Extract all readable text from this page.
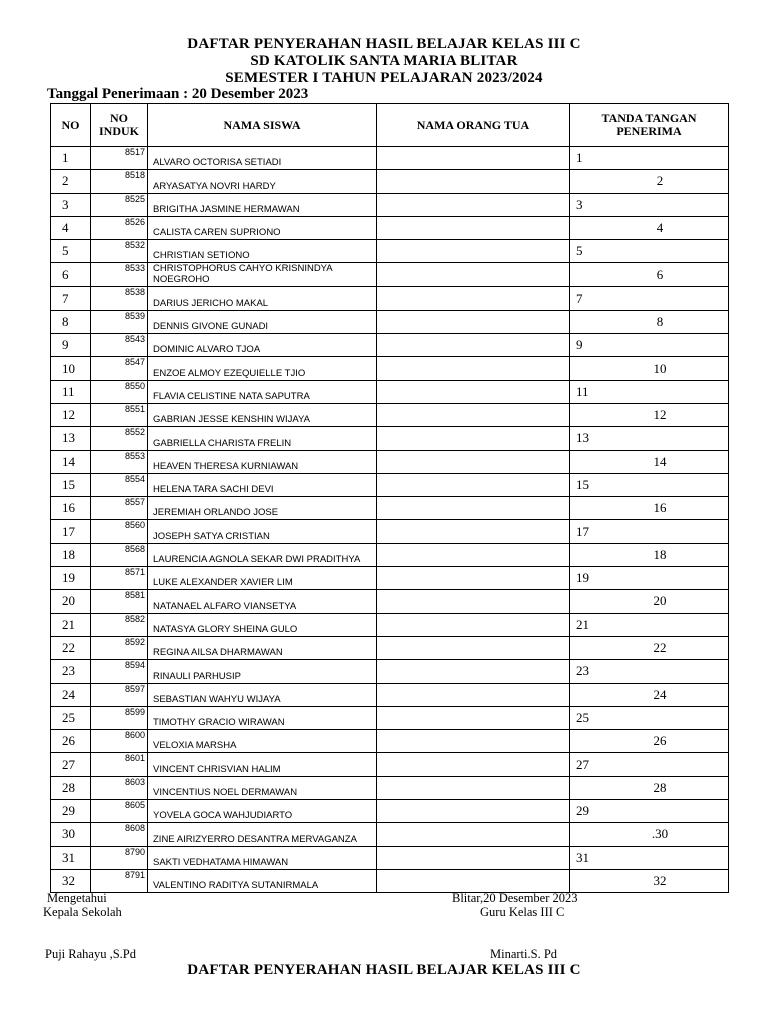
DAFTAR PENYERAHAN HASIL BELAJAR KELAS III C
SD KATOLIK SANTA MARIA BLITAR
SEMESTER I TAHUN PELAJARAN 2023/2024
Tanggal Penerimaan : 20 Desember 2023
NO	NO INDUK	NAMA SISWA	NAMA ORANG TUA	TANDA TANGAN PENERIMA
1	8517	ALVARO OCTORISA SETIADI		1
2	8518	ARYASATYA NOVRI HARDY		2
3	8525	BRIGITHA JASMINE HERMAWAN		3
4	8526	CALISTA CAREN SUPRIONO		4
5	8532	CHRISTIAN SETIONO		5
6	8533	CHRISTOPHORUS CAHYO KRISNINDYA NOEGROHO		6
7	8538	DARIUS JERICHO MAKAL		7
8	8539	DENNIS GIVONE GUNADI		8
9	8543	DOMINIC ALVARO TJOA		9
10	8547	ENZOE ALMOY EZEQUIELLE TJIO		10
11	8550	FLAVIA CELISTINE NATA SAPUTRA		11
12	8551	GABRIAN JESSE KENSHIN WIJAYA		12
13	8552	GABRIELLA CHARISTA FRELIN		13
14	8553	HEAVEN THERESA KURNIAWAN		14
15	8554	HELENA TARA SACHI DEVI		15
16	8557	JEREMIAH ORLANDO JOSE		16
17	8560	JOSEPH SATYA CRISTIAN		17
18	8568	LAURENCIA AGNOLA SEKAR DWI PRADITHYA		18
19	8571	LUKE ALEXANDER XAVIER LIM		19
20	8581	NATANAEL ALFARO VIANSETYA		20
21	8582	NATASYA GLORY SHEINA GULO		21
22	8592	REGINA AILSA DHARMAWAN		22
23	8594	RINAULI PARHUSIP		23
24	8597	SEBASTIAN WAHYU WIJAYA		24
25	8599	TIMOTHY GRACIO WIRAWAN		25
26	8600	VELOXIA MARSHA		26
27	8601	VINCENT CHRISVIAN HALIM		27
28	8603	VINCENTIUS NOEL DERMAWAN		28
29	8605	YOVELA GOCA WAHJUDIARTO		29
30	8608	ZINE AIRIZYERRO DESANTRA MERVAGANZA		.30
31	8790	SAKTI VEDHATAMA HIMAWAN		31
32	8791	VALENTINO RADITYA SUTANIRMALA		32
Mengetahui
Kepala Sekolah
Puji Rahayu ,S.Pd
Blitar,20 Desember 2023
Guru Kelas III C
Minarti.S. Pd
DAFTAR PENYERAHAN HASIL BELAJAR KELAS III C
